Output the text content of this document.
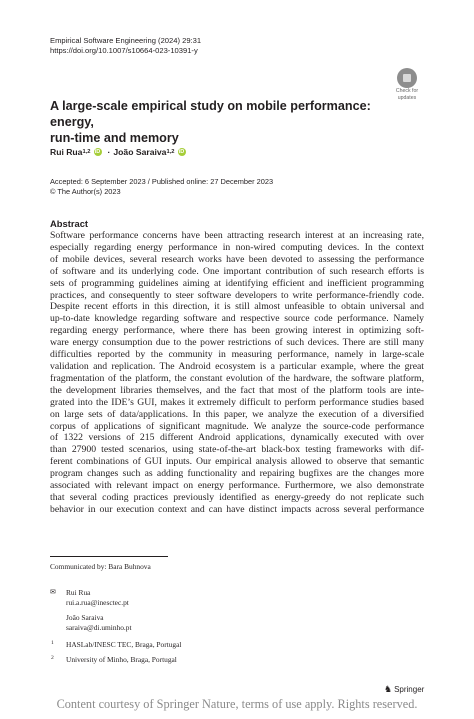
Empirical Software Engineering (2024) 29:31
https://doi.org/10.1007/s10664-023-10391-y
Check for
updates
A large-scale empirical study on mobile performance: energy,
run-time and memory
Rui Rua 1,2 iD · João Saraiva 1,2 iD
Accepted: 6 September 2023 / Published online: 27 December 2023
© The Author(s) 2023
Abstract
Software performance concerns have been attracting research interest at an increasing rate,
especially regarding energy performance in non-wired computing devices. In the context
of mobile devices, several research works have been devoted to assessing the performance
of software and its underlying code. One important contribution of such research efforts is
sets of programming guidelines aiming at identifying efficient and inefficient programming
practices, and consequently to steer software developers to write performance-friendly code.
Despite recent efforts in this direction, it is still almost unfeasible to obtain universal and
up-to-date knowledge regarding software and respective source code performance. Namely
regarding energy performance, where there has been growing interest in optimizing soft-
ware energy consumption due to the power restrictions of such devices. There are still many
difficulties reported by the community in measuring performance, namely in large-scale
validation and replication. The Android ecosystem is a particular example, where the great
fragmentation of the platform, the constant evolution of the hardware, the software platform,
the development libraries themselves, and the fact that most of the platform tools are inte-
grated into the IDE’s GUI, makes it extremely difficult to perform performance studies based
on large sets of data/applications. In this paper, we analyze the execution of a diversified
corpus of applications of significant magnitude. We analyze the source-code performance
of 1322 versions of 215 different Android applications, dynamically executed with over
than 27900 tested scenarios, using state-of-the-art black-box testing frameworks with dif-
ferent combinations of GUI inputs. Our empirical analysis allowed to observe that semantic
program changes such as adding functionality and repairing bugfixes are the changes more
associated with relevant impact on energy performance. Furthermore, we also demonstrate
that several coding practices previously identified as energy-greedy do not replicate such
behavior in our execution context and can have distinct impacts across several performance
Communicated by: Bara Buhnova
✉ Rui Rua
rui.a.rua@inesctec.pt
João Saraiva
saraiva@di.uminho.pt
1 HASLab/INESC TEC, Braga, Portugal
2 University of Minho, Braga, Portugal
♞ Springer
Content courtesy of Springer Nature, terms of use apply. Rights reserved.
